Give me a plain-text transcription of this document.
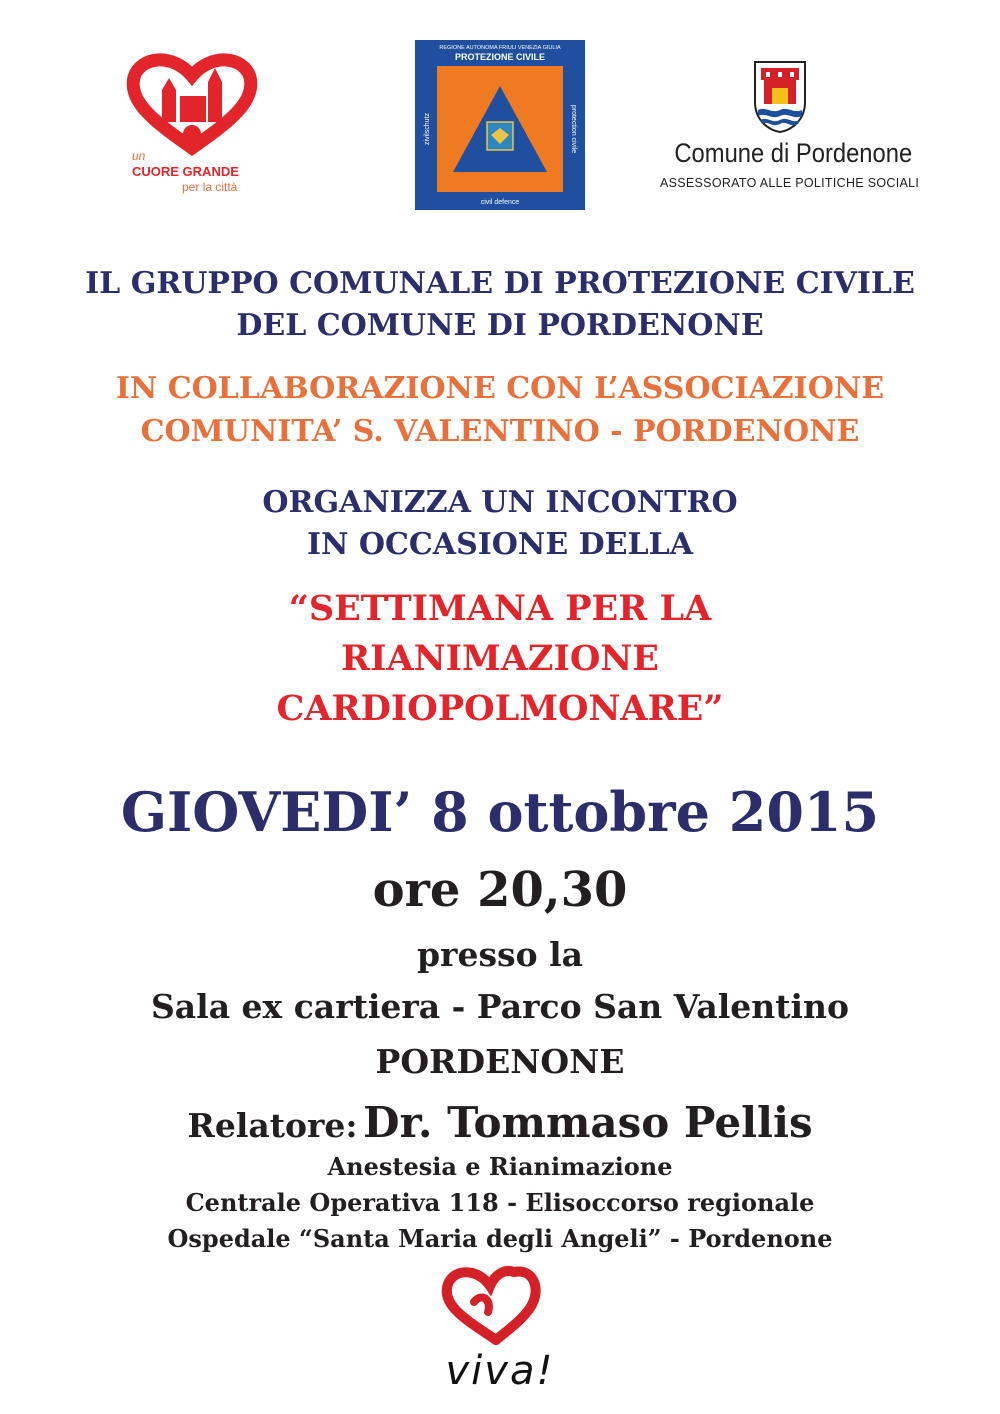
un
CUORE GRANDE
per la città
REGIONE AUTONOMA FRIULI VENEZIA GIULIA
PROTEZIONE CIVILE
civil defence
zivilschutz	protection civile	Comune di Pordenone
ASSESSORATO ALLE POLITICHE SOCIALI

IL GRUPPO COMUNALE DI PROTEZIONE CIVILE

DEL COMUNE DI PORDENONE

IN COLLABORAZIONE CON L’ASSOCIAZIONE

COMUNITA’ S. VALENTINO - PORDENONE

ORGANIZZA UN INCONTRO

IN OCCASIONE DELLA

“SETTIMANA PER LA

RIANIMAZIONE

CARDIOPOLMONARE”

GIOVEDI’ 8 ottobre 2015

ore 20,30

presso la

Sala ex cartiera - Parco San Valentino

PORDENONE

Relatore: Dr. Tommaso Pellis

Anestesia e Rianimazione

Centrale Operativa 118 - Elisoccorso regionale

Ospedale “Santa Maria degli Angeli” - Pordenone

viva!
